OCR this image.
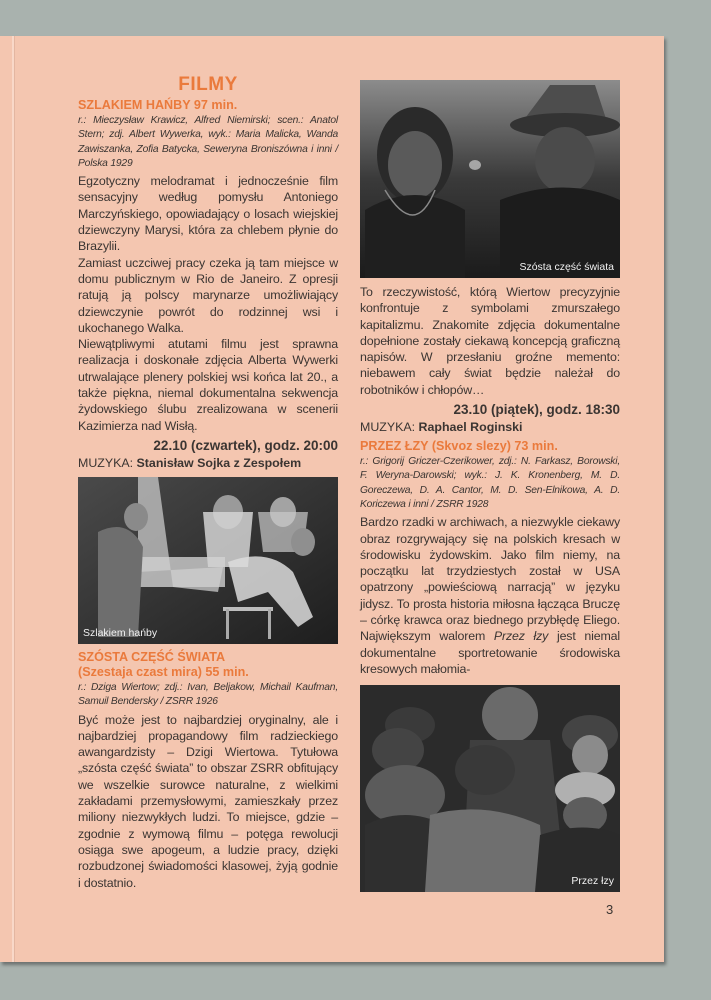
FILMY
SZLAKIEM HAŃBY 97 min.

r.: Mieczysław Krawicz, Alfred Niemirski; scen.: Anatol Stern; zdj. Albert Wywerka, wyk.: Maria Malicka, Wanda Zawiszanka, Zofia Batycka, Seweryna Broniszówna i inni / Polska 1929

Egzotyczny melodramat i jednocześnie film sensacyjny według pomysłu Antoniego Marczyńskiego, opowiadający o losach wiejskiej dziewczyny Marysi, która za chlebem płynie do Brazylii.

Zamiast uczciwej pracy czeka ją tam miejsce w domu publicznym w Rio de Janeiro. Z opresji ratują ją polscy marynarze umożliwiający dziewczynie powrót do rodzinnej wsi i ukochanego Walka.

Niewątpliwymi atutami filmu jest sprawna realizacja i doskonałe zdjęcia Alberta Wywerki utrwalające plenery polskiej wsi końca lat 20., a także piękna, niemal dokumentalna sekwencja żydowskiego ślubu zrealizowana w scenerii Kazimierza nad Wisłą.

22.10 (czwartek), godz. 20:00

MUZYKA: Stanisław Sojka z Zespołem

Szlakiem hańby
SZÓSTA CZĘŚĆ ŚWIATA
(Szestaja czast mira) 55 min.

r.: Dziga Wiertow; zdj.: Ivan, Beljakow, Michail Kaufman, Samuil Bendersky / ZSRR 1926

Być może jest to najbardziej oryginalny, ale i najbardziej propagandowy film radzieckiego awangardzisty – Dzigi Wiertowa. Tytułowa „szósta część świata” to obszar ZSRR obfitujący we wszelkie surowce naturalne, z wielkimi zakładami przemysłowymi, zamieszkały przez miliony niezwykłych ludzi. To miejsce, gdzie – zgodnie z wymową filmu – potęga rewolucji osiąga swe apogeum, a ludzie pracy, dzięki rozbudzonej świadomości klasowej, żyją godnie i dostatnio.

Szósta część świata

To rzeczywistość, którą Wiertow precyzyjnie konfrontuje z symbolami zmurszałego kapitalizmu. Znakomite zdjęcia dokumentalne dopełnione zostały ciekawą koncepcją graficzną napisów. W przesłaniu groźne memento: niebawem cały świat będzie należał do robotników i chłopów…

23.10 (piątek), godz. 18:30

MUZYKA: Raphael Roginski

PRZEZ ŁZY (Skvoz slezy) 73 min.

r.: Grigorij Griczer-Czerikower, zdj.: N. Farkasz, Borowski, F. Weryna-Darowski; wyk.: J. K. Kronenberg, M. D. Goreczewa, D. A. Cantor, M. D. Sen-Elnikowa, A. D. Koriczewa i inni / ZSRR 1928

Bardzo rzadki w archiwach, a niezwykle ciekawy obraz rozgrywający się na polskich kresach w środowisku żydowskim. Jako film niemy, na początku lat trzydziestych został w USA opatrzony „powieściową narracją” w języku jidysz. To prosta historia miłosna łącząca Bruczę – córkę krawca oraz biednego przybłędę Eliego. Największym walorem Przez łzy jest niemal dokumentalne sportretowanie środowiska kresowych małomia-

Przez łzy
3
